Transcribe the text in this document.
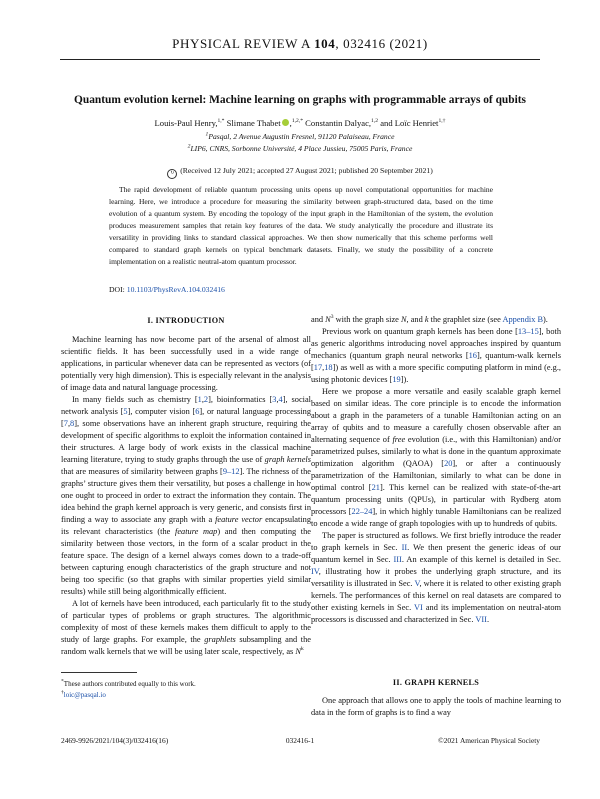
PHYSICAL REVIEW A 104, 032416 (2021)
Quantum evolution kernel: Machine learning on graphs with programmable arrays of qubits
Louis-Paul Henry,$^{1,*}$ Slimane Thabet ,$^{1,2,*}$ Constantin Dalyac,$^{1,2}$ and Loïc Henriet$^{1,\dagger}$
$^1$Pasqal, 2 Avenue Augustin Fresnel, 91120 Palaiseau, France
$^2$LIP6, CNRS, Sorbonne Université, 4 Place Jussieu, 75005 Paris, France
↻ (Received 12 July 2021; accepted 27 August 2021; published 20 September 2021)
The rapid development of reliable quantum processing units opens up novel computational opportunities for machine learning. Here, we introduce a procedure for measuring the similarity between graph-structured data, based on the time evolution of a quantum system. By encoding the topology of the input graph in the Hamiltonian of the system, the evolution produces measurement samples that retain key features of the data. We study analytically the procedure and illustrate its versatility in providing links to standard classical approaches. We then show numerically that this scheme performs well compared to standard graph kernels on typical benchmark datasets. Finally, we study the possibility of a concrete implementation on a realistic neutral-atom quantum processor.
DOI: 10.1103/PhysRevA.104.032416
I. INTRODUCTION

Machine learning has now become part of the arsenal of almost all scientific fields. It has been successfully used in a wide range of applications, in particular whenever data can be represented as vectors (of potentially very high dimension). This is especially relevant in the analysis of image data and natural language processing.

In many fields such as chemistry [1,2], bioinformatics [3,4], social network analysis [5], computer vision [6], or natural language processing [7,8], some observations have an inherent graph structure, requiring the development of specific algorithms to exploit the information contained in their structures. A large body of work exists in the classical machine learning literature, trying to study graphs through the use of graph kernels that are measures of similarity between graphs [9–12]. The richness of the graphs’ structure gives them their versatility, but poses a challenge in how one ought to proceed in order to extract the information they contain. The idea behind the graph kernel approach is very generic, and consists first in finding a way to associate any graph with a feature vector encapsulating its relevant characteristics (the feature map) and then computing the similarity between those vectors, in the form of a scalar product in the feature space. The design of a kernel always comes down to a trade-off between capturing enough characteristics of the graph structure and not being too specific (so that graphs with similar properties yield similar results) while still being algorithmically efficient.

A lot of kernels have been introduced, each particularly fit to the study of particular types of problems or graph structures. The algorithmic complexity of most of these kernels makes them difficult to apply to the study of large graphs. For example, the graphlets subsampling and the random walk kernels that we will be using later scale, respectively, as $N^k$

and $N^3$ with the graph size N, and k the graphlet size (see Appendix B).

Previous work on quantum graph kernels has been done [13–15], both as generic algorithms introducing novel approaches inspired by quantum mechanics (quantum graph neural networks [16], quantum-walk kernels [17,18]) as well as with a more specific computing platform in mind (e.g., using photonic devices [19]).

Here we propose a more versatile and easily scalable graph kernel based on similar ideas. The core principle is to encode the information about a graph in the parameters of a tunable Hamiltonian acting on an array of qubits and to measure a carefully chosen observable after an alternating sequence of free evolution (i.e., with this Hamiltonian) and/or parametrized pulses, similarly to what is done in the quantum approximate optimization algorithm (QAOA) [20], or after a continuously parametrization of the Hamiltonian, similarly to what can be done in optimal control [21]. This kernel can be realized with state-of-the-art quantum processing units (QPUs), in particular with Rydberg atom processors [22–24], in which highly tunable Hamiltonians can be realized to encode a wide range of graph topologies with up to hundreds of qubits.

The paper is structured as follows. We first briefly introduce the reader to graph kernels in Sec. II. We then present the generic ideas of our quantum kernel in Sec. III. An example of this kernel is detailed in Sec. IV, illustrating how it probes the underlying graph structure, and its versatility is illustrated in Sec. V, where it is related to other existing graph kernels. The performances of this kernel on real datasets are compared to other existing kernels in Sec. VI and its implementation on neutral-atom processors is discussed and characterized in Sec. VII.

II. GRAPH KERNELS

One approach that allows one to apply the tools of machine learning to data in the form of graphs is to find a way

*These authors contributed equally to this work.
†loic@pasqal.io
2469-9926/2021/104(3)/032416(16)	032416-1	©2021 American Physical Society
